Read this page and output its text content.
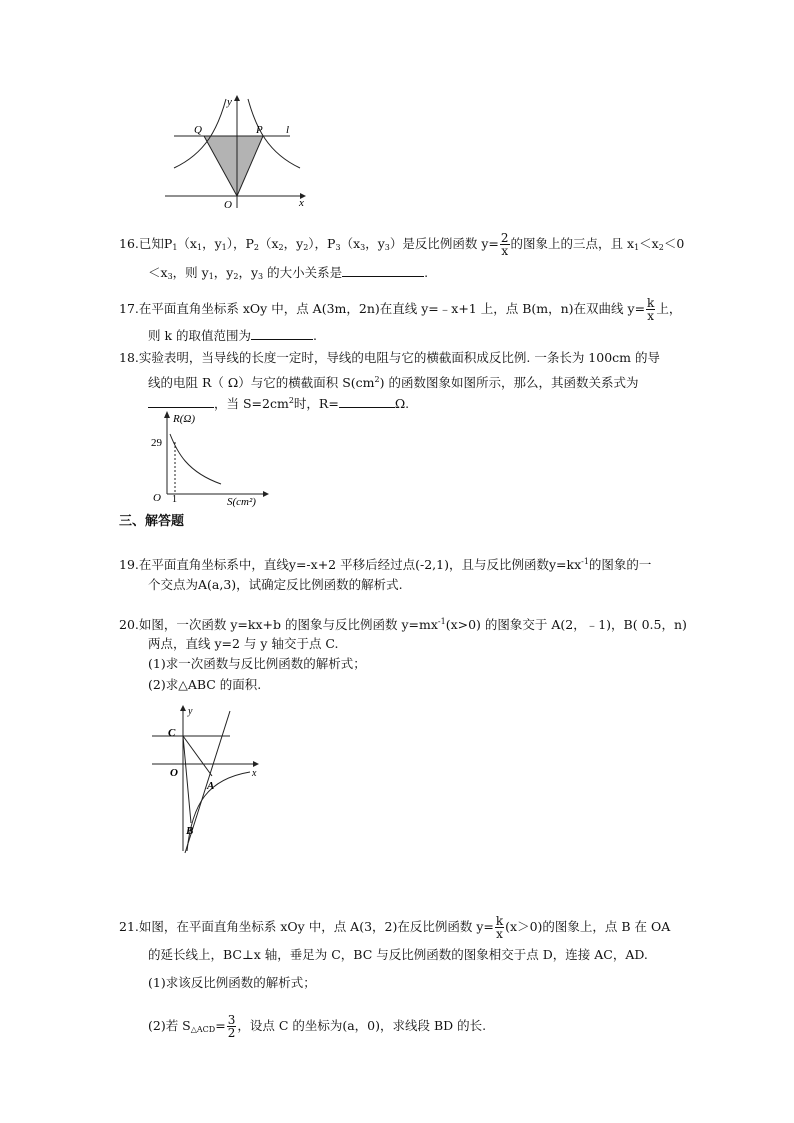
y
x
Q	P l
O
16.已知$P_1(x_1$，$y_1$），$P_2(x_2$，$y_2$），$P_3(x_3$，$y_3$）是反比例函数 $y= \frac{2}{x}$ 的图象上的三点，且 $x_1<x_2<0$
$<x_3$，则 $y_1$，$y_2$，$y_3$ 的大小关系是	.
17.在平面直角坐标系 xOy 中，点 A(3m，2n)在直线 y=﹣x+1 上，点 B(m，n)在双曲线 $y= \frac{k}{x}$ 上，
则 k 的取值范围为	.
18.实验表明，当导线的长度一定时，导线的电阻与它的横截面积成反比例. 一条长为 100cm 的导
线的电阻 R（ Ω）与它的横截面积 $S(cm^2)$ 的函数图象如图所示，那么，其函数关系式为
，当 $S=2cm^2$时，R=	Ω.
R(Ω)
29
O 1	S(cm²)
三、解答题
19.在平面直角坐标系中，直线y=-x+2 平移后经过点(-2,1)，且与反比例函数$y=kx^{-1}$的图象的一
个交点为A(a,3)，试确定反比例函数的解析式.
20.如图，一次函数 y=kx+b 的图象与反比例函数 $y=mx^{-1}(x>0)$ 的图象交于 A(2，﹣1)，B( 0.5，n)
两点，直线 y=2 与 y 轴交于点 C.
(1)求一次函数与反比例函数的解析式；
(2)求△ABC 的面积.
y
x
C
O
A
B
21.如图，在平面直角坐标系 xOy 中，点 A(3，2)在反比例函数 $y= \frac{k}{x} (x>0)$的图象上，点 B 在 OA
的延长线上，BC⊥x 轴，垂足为 C，BC 与反比例函数的图象相交于点 D，连接 AC，AD.
(1)求该反比例函数的解析式；
(2)若 $S_{\triangle ACD}= \frac{3}{2}$ ，设点 C 的坐标为(a，0)，求线段 BD 的长.
